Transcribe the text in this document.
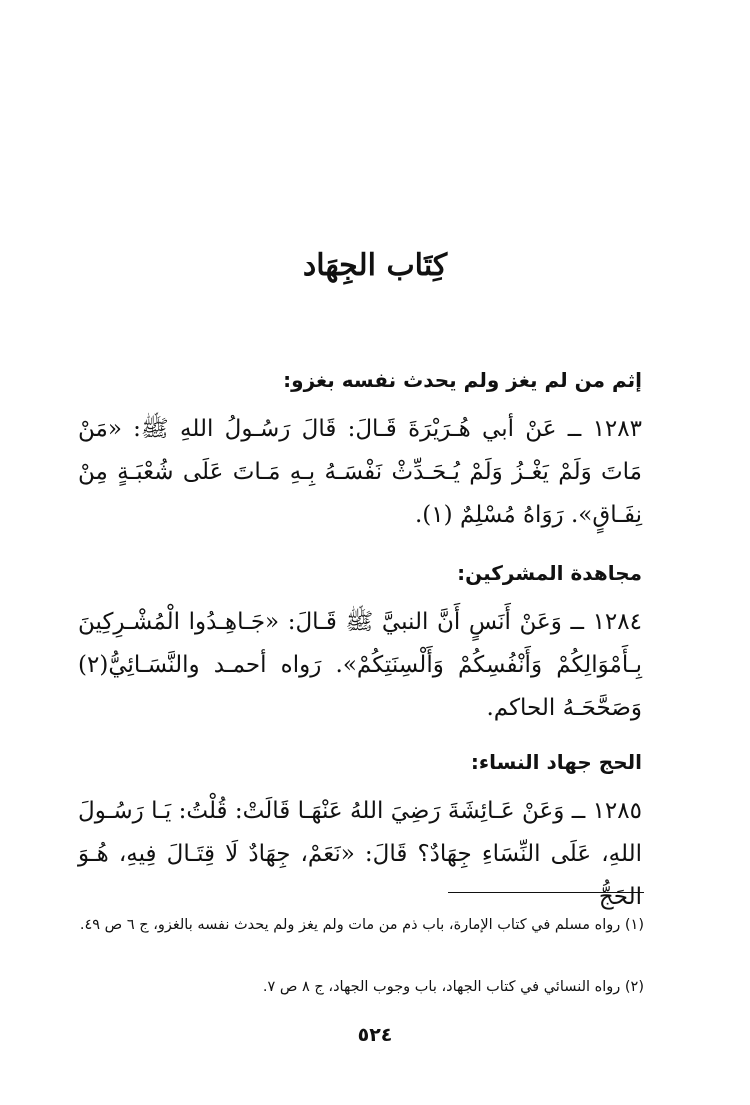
كِتَاب الجِهَاد
إثم من لم يغز ولم يحدث نفسه بغزو:

١٢٨٣ ــ عَنْ أبي هُـرَيْرَةَ قَـالَ: قَالَ رَسُـولُ اللهِ ﷺ: «مَنْ مَاتَ وَلَمْ يَغْـزُ وَلَمْ يُـحَـدِّثْ نَفْسَـهُ بِـهِ مَـاتَ عَلَى شُعْبَـةٍ مِنْ نِفَـاقٍ». رَوَاهُ مُسْلِمٌ (١).

مجاهدة المشركين:

١٢٨٤ ــ وَعَنْ أَنَسٍ أَنَّ النبيَّ ﷺ قَـالَ: «جَـاهِـدُوا الْمُشْـرِكِينَ بِـأَمْوَالِكُمْ وَأَنْفُسِكُمْ وَأَلْسِنَتِكُمْ». رَواه أحمـد والنَّسَـائِيُّ(٢) وَصَحَّحَـهُ الحاكم.

الحج جهاد النساء:

١٢٨٥ ــ وَعَنْ عَـائِشَةَ رَضِيَ اللهُ عَنْهَـا قَالَتْ: قُلْتُ: يَـا رَسُـولَ اللهِ، عَلَى النِّسَاءِ جِهَادٌ؟ قَالَ: «نَعَمْ، جِهَادٌ لَا قِتَـالَ فِيهِ، هُـوَ الحَجُّ

(١) رواه مسلم في كتاب الإمارة، باب ذم من مات ولم يغز ولم يحدث نفسه بالغزو، ج ٦ ص ٤٩.
(٢) رواه النسائي في كتاب الجهاد، باب وجوب الجهاد، ج ٨ ص ٧.
٥٢٤
